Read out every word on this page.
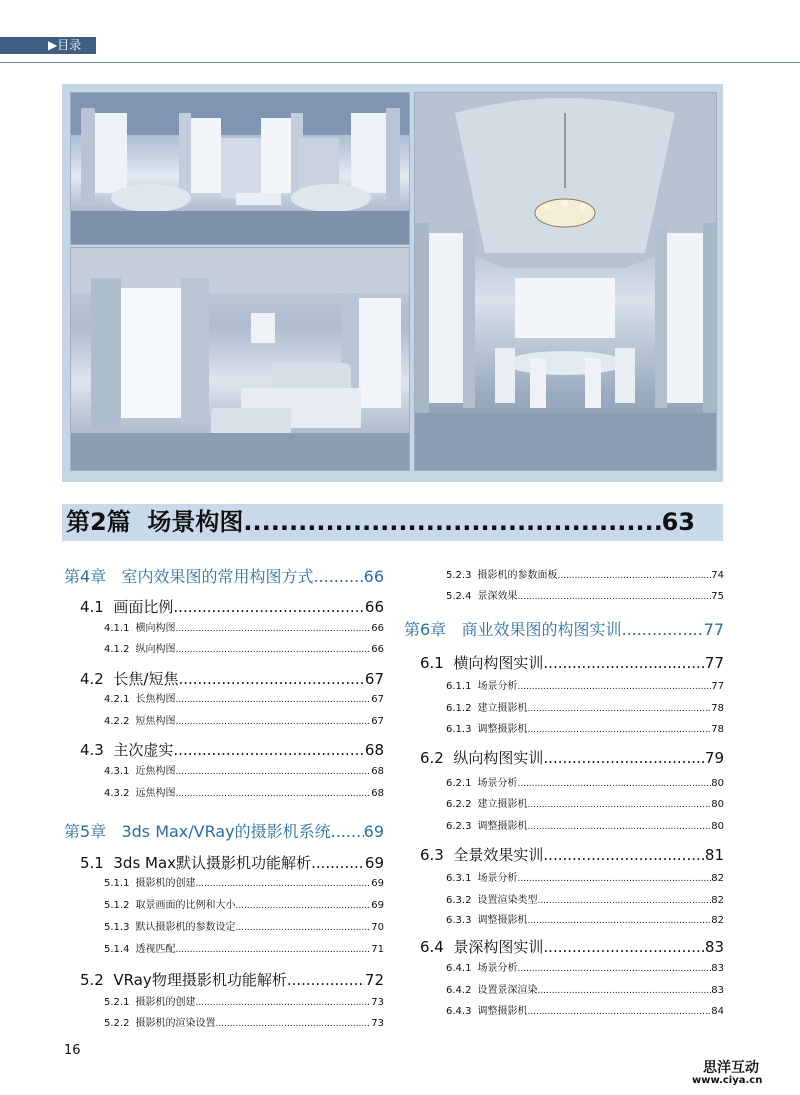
▶目录
第2篇  场景构图 .....	63
16
思洋互动
www.ciya.cn
第4章   室内效果图的常用构图方式 .....	66
4.1  画面比例 .....	66
4.1.1 横向构图 .....	66
4.1.2 纵向构图 .....	66
4.2  长焦/短焦 .....	67
4.2.1 长焦构图 .....	67
4.2.2 短焦构图 .....	67
4.3  主次虚实 .....	68
4.3.1 近焦构图 .....	68
4.3.2 远焦构图 .....	68
第5章   3ds Max/VRay的摄影机系统 ..... 69
5.1  3ds Max默认摄影机功能解析 .....	69
5.1.1 摄影机的创建 .....	69
5.1.2 取景画面的比例和大小 .....	69
5.1.3 默认摄影机的参数设定 .....	70
5.1.4 透视匹配 .....	71
5.2  VRay物理摄影机功能解析 .....	72
5.2.1 摄影机的创建 .....	73
5.2.2 摄影机的渲染设置 .....	73
5.2.3 摄影机的参数面板 .....	74
5.2.4 景深效果 .....	75
第6章   商业效果图的构图实训 .....	77
6.1  横向构图实训 .....	77
6.1.1 场景分析 .....	77
6.1.2 建立摄影机 .....	78
6.1.3 调整摄影机 .....	78
6.2  纵向构图实训 .....	79
6.2.1 场景分析 .....	80
6.2.2 建立摄影机 .....	80
6.2.3 调整摄影机 .....	80
6.3  全景效果实训 .....	81
6.3.1 场景分析 .....	82
6.3.2 设置渲染类型 .....	82
6.3.3 调整摄影机 .....	82
6.4  景深构图实训 .....	83
6.4.1 场景分析 .....	83
6.4.2 设置景深渲染 .....	83
6.4.3 调整摄影机 .....	84
